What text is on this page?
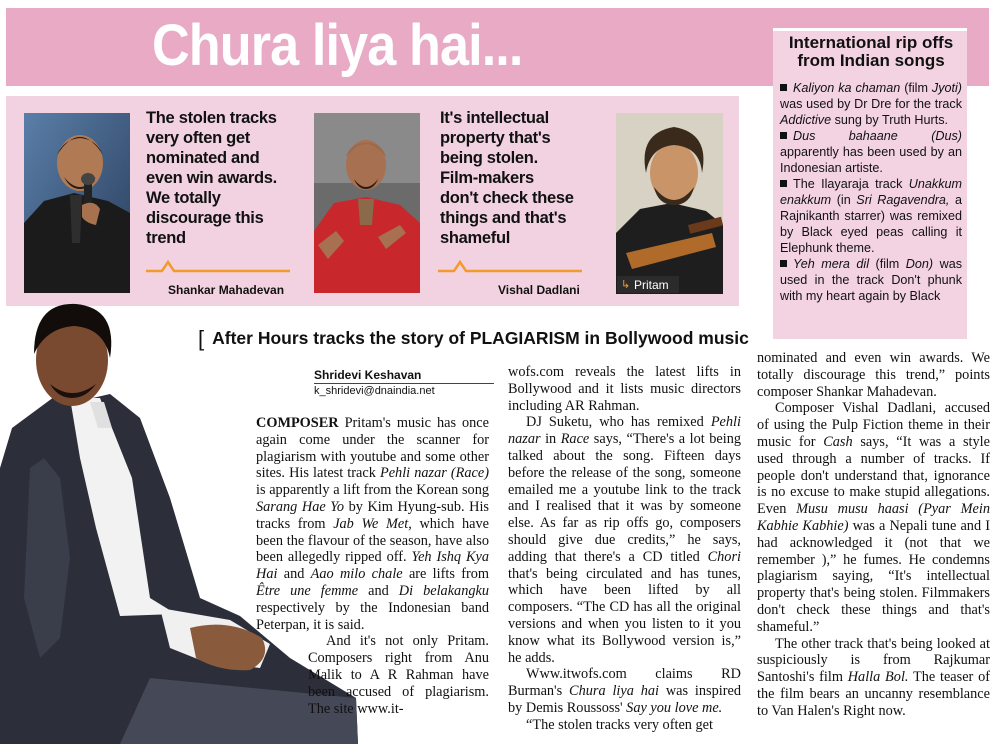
Chura liya hai...	International rip offs from Indian songs

Kaliyon ka chaman (film Jyoti) was used by Dr Dre for the track Addictive sung by Truth Hurts.

Dus bahaane (Dus) apparently has been used by an Indonesian artiste.

The Ilayaraja track Unakkum enakkum (in Sri Ragavendra, a Rajnikanth starrer) was remixed by Black eyed peas calling it Elephunk theme.

Yeh mera dil (film Don) was used in the track Don't phunk with my heart again by Black

The stolen tracks
very often get
nominated and
even win awards.
We totally
discourage this
trend
Shankar Mahadevan
It's intellectual
property that's
being stolen.
Film-makers
don't check these
things and that's
shameful
Vishal Dadlani	↳ Pritam
[ After Hours tracks the story of PLAGIARISM in Bollywood music
Shridevi Keshavan
k_shridevi@dnaindia.net

COMPOSER Pritam's music has once again come under the scanner for plagiarism with youtube and some other sites. His latest track Pehli nazar (Race) is apparently a lift from the Korean song Sarang Hae Yo by Kim Hyung-sub. His tracks from Jab We Met, which have been the flavour of the season, have also been allegedly ripped off. Yeh Ishq Kya Hai and Aao milo chale are lifts from Être une femme and Di belakangku respectively by the Indonesian band Peterpan, it is said.

And it's not only Pritam. Composers right from Anu Malik to A R Rahman have been accused of plagiarism. The site www.it-

wofs.com reveals the latest lifts in Bollywood and it lists music directors including AR Rahman.

DJ Suketu, who has remixed Pehli nazar in Race says, “There's a lot being talked about the song. Fifteen days before the release of the song, someone emailed me a youtube link to the track and I realised that it was by someone else. As far as rip offs go, composers should give due credits,” he says, adding that there's a CD titled Chori that's being circulated and has tunes, which have been lifted by all composers. “The CD has all the original versions and when you listen to it you know what its Bollywood version is,” he adds.

Www.itwofs.com claims RD Burman's Chura liya hai was inspired by Demis Roussoss' Say you love me.

“The stolen tracks very often get

nominated and even win awards. We totally discourage this trend,” points composer Shankar Mahadevan.

Composer Vishal Dadlani, accused of using the Pulp Fiction theme in their music for Cash says, “It was a style used through a number of tracks. If people don't understand that, ignorance is no excuse to make stupid allegations. Even Musu musu haasi (Pyar Mein Kabhie Kabhie) was a Nepali tune and I had acknowledged it (not that we remember ),” he fumes. He condemns plagiarism saying, “It's intellectual property that's being stolen. Filmmakers don't check these things and that's shameful.”

The other track that's being looked at suspiciously is from Rajkumar Santoshi's film Halla Bol. The teaser of the film bears an uncanny resemblance to Van Halen's Right now.
